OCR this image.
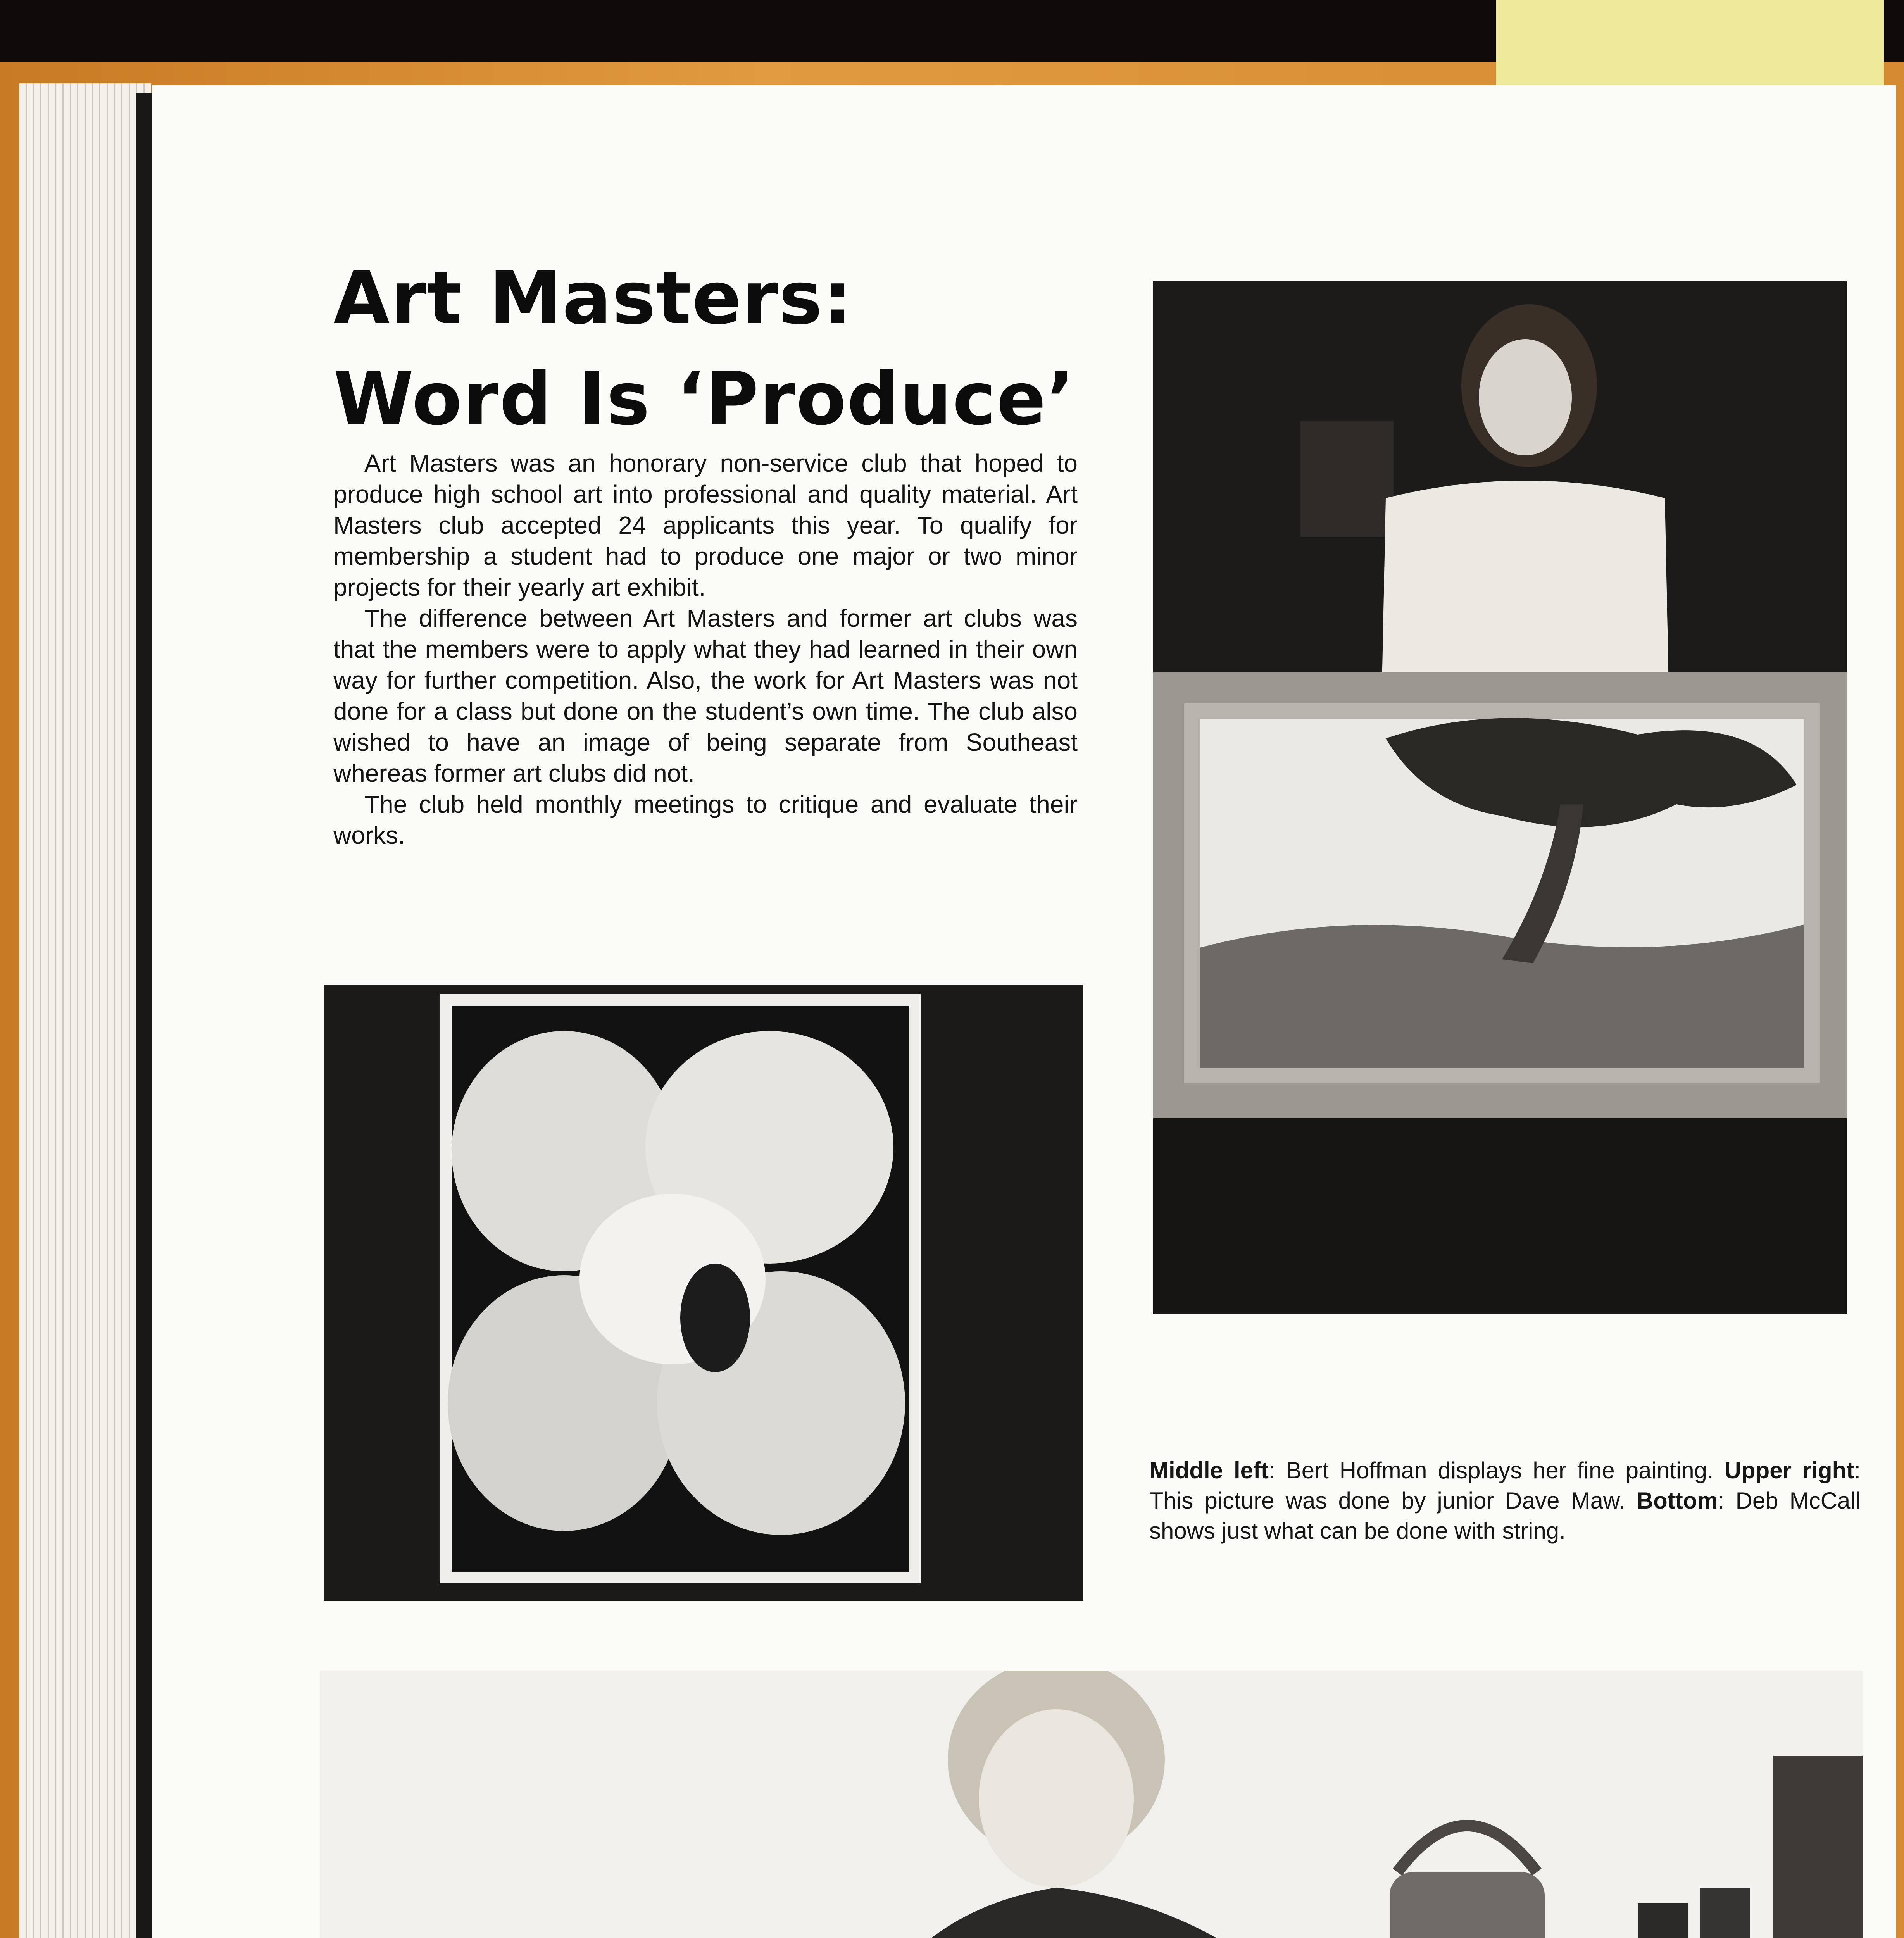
Art Masters:
Word Is ‘Produce’

Art Masters was an honorary non-service club that hoped to produce high school art into professional and quality material. Art Masters club accepted 24 applicants this year. To qualify for membership a student had to produce one major or two minor projects for their yearly art exhibit.

The difference between Art Masters and former art clubs was that the members were to apply what they had learned in their own way for further competition. Also, the work for Art Masters was not done for a class but done on the student’s own time. The club also wished to have an image of being separate from Southeast whereas former art clubs did not.

The club held monthly meetings to critique and evaluate their works.

Middle left: Bert Hoffman displays her fine painting. Upper right: This picture was done by junior Dave Maw. Bottom: Deb McCall shows just what can be done with string.
